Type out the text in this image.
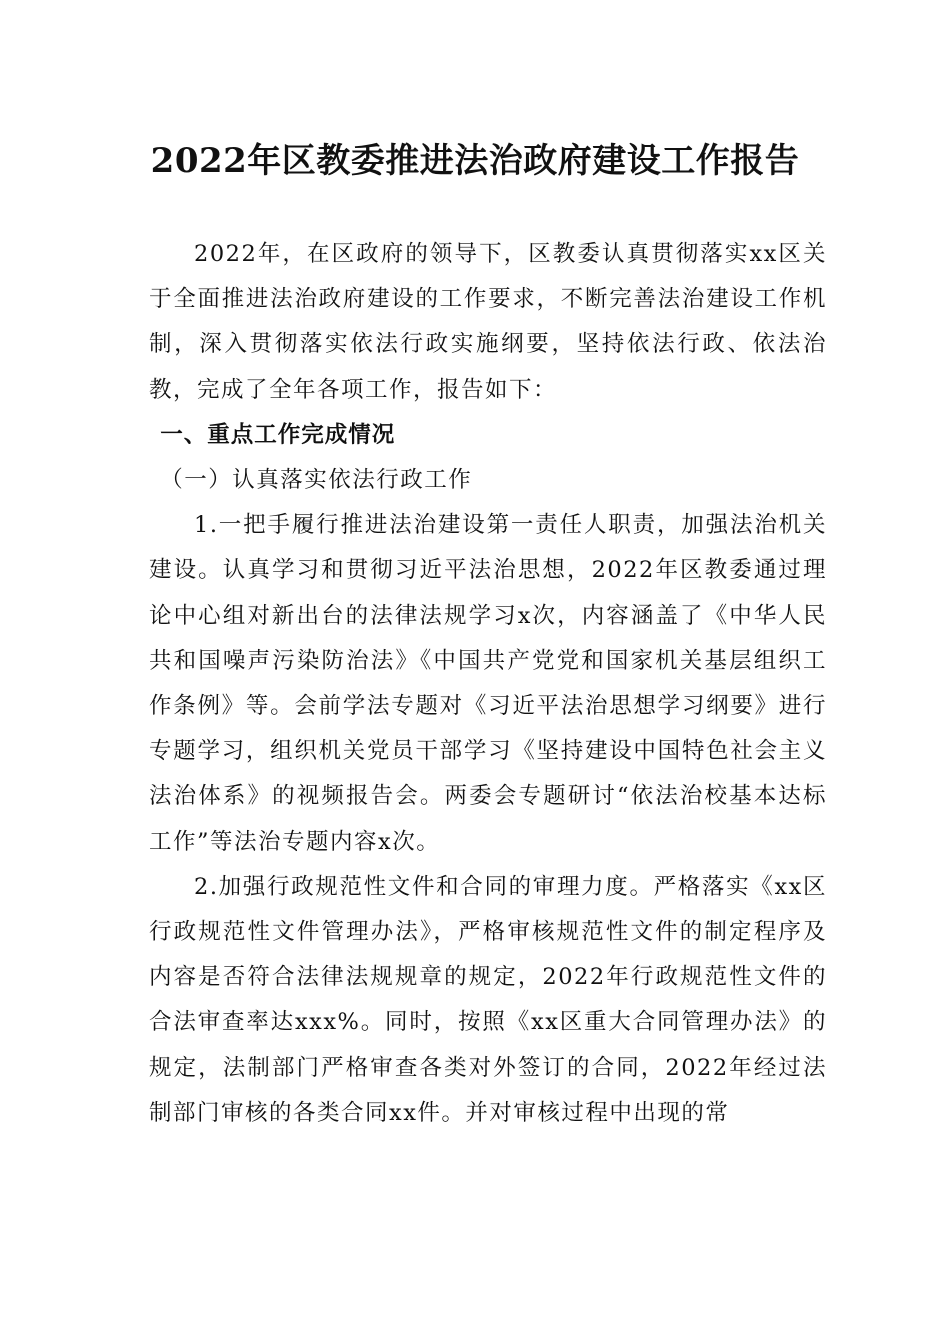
2022年区教委推进法治政府建设工作报告

2022年，在区政府的领导下，区教委认真贯彻落实xx区关于全面推进法治政府建设的工作要求，不断完善法治建设工作机制，深入贯彻落实依法行政实施纲要，坚持依法行政、依法治教，完成了全年各项工作，报告如下：

一、重点工作完成情况

（一）认真落实依法行政工作

1.一把手履行推进法治建设第一责任人职责，加强法治机关建设。认真学习和贯彻习近平法治思想，2022年区教委通过理论中心组对新出台的法律法规学习x次，内容涵盖了《中华人民共和国噪声污染防治法》《中国共产党党和国家机关基层组织工作条例》等。会前学法专题对《习近平法治思想学习纲要》进行专题学习，组织机关党员干部学习《坚持建设中国特色社会主义法治体系》的视频报告会。两委会专题研讨“依法治校基本达标工作”等法治专题内容x次。

2.加强行政规范性文件和合同的审理力度。严格落实《xx区行政规范性文件管理办法》，严格审核规范性文件的制定程序及内容是否符合法律法规规章的规定，2022年行政规范性文件的合法审查率达xxx%。同时，按照《xx区重大合同管理办法》的规定，法制部门严格审查各类对外签订的合同，2022年经过法制部门审核的各类合同xx件。并对审核过程中出现的常
